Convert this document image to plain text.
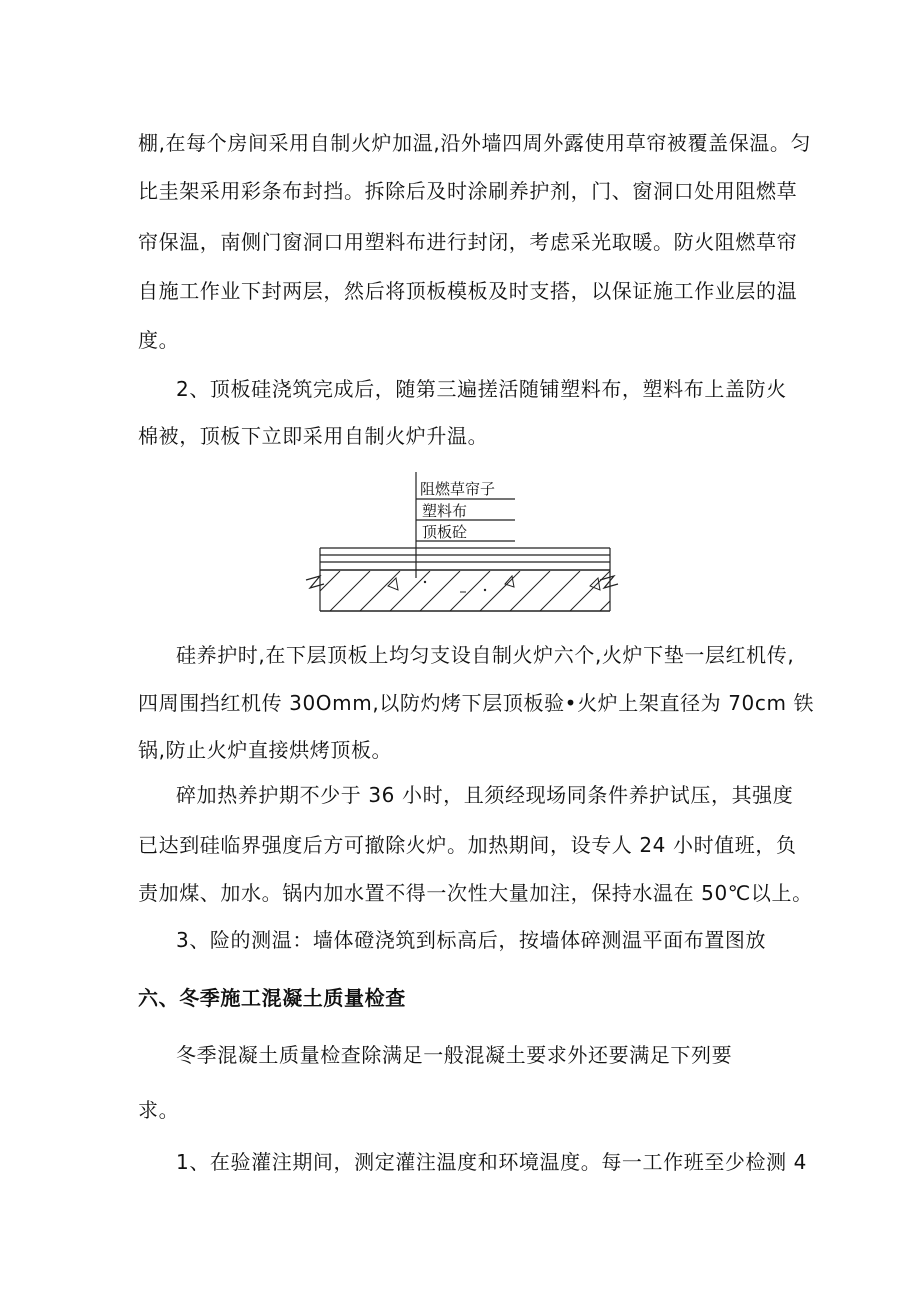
棚,在每个房间采用自制火炉加温,沿外墙四周外露使用草帘被覆盖保温。匀
比圭架采用彩条布封挡。拆除后及时涂刷养护剂，门、窗洞口处用阻燃草
帘保温，南侧门窗洞口用塑料布进行封闭，考虑采光取暖。防火阻燃草帘
自施工作业下封两层，然后将顶板模板及时支搭，以保证施工作业层的温
度。
2、顶板硅浇筑完成后，随第三遍搓活随铺塑料布，塑料布上盖防火
棉被，顶板下立即采用自制火炉升温。
阻燃草帘子
塑料布
顶板砼
硅养护时,在下层顶板上均匀支设自制火炉六个,火炉下垫一层红机传,
四周围挡红机传 30Omm,以防灼烤下层顶板验•火炉上架直径为 70cm 铁
锅,防止火炉直接烘烤顶板。
碎加热养护期不少于 36 小时，且须经现场同条件养护试压，其强度
已达到硅临界强度后方可撤除火炉。加热期间，设专人 24 小时值班，负
责加煤、加水。锅内加水置不得一次性大量加注，保持水温在 50℃以上。
3、险的测温：墙体磴浇筑到标高后，按墙体碎测温平面布置图放
六、冬季施工混凝土质量检查
冬季混凝土质量检查除满足一般混凝土要求外还要满足下列要
求。
1、在验灌注期间，测定灌注温度和环境温度。每一工作班至少检测 4
